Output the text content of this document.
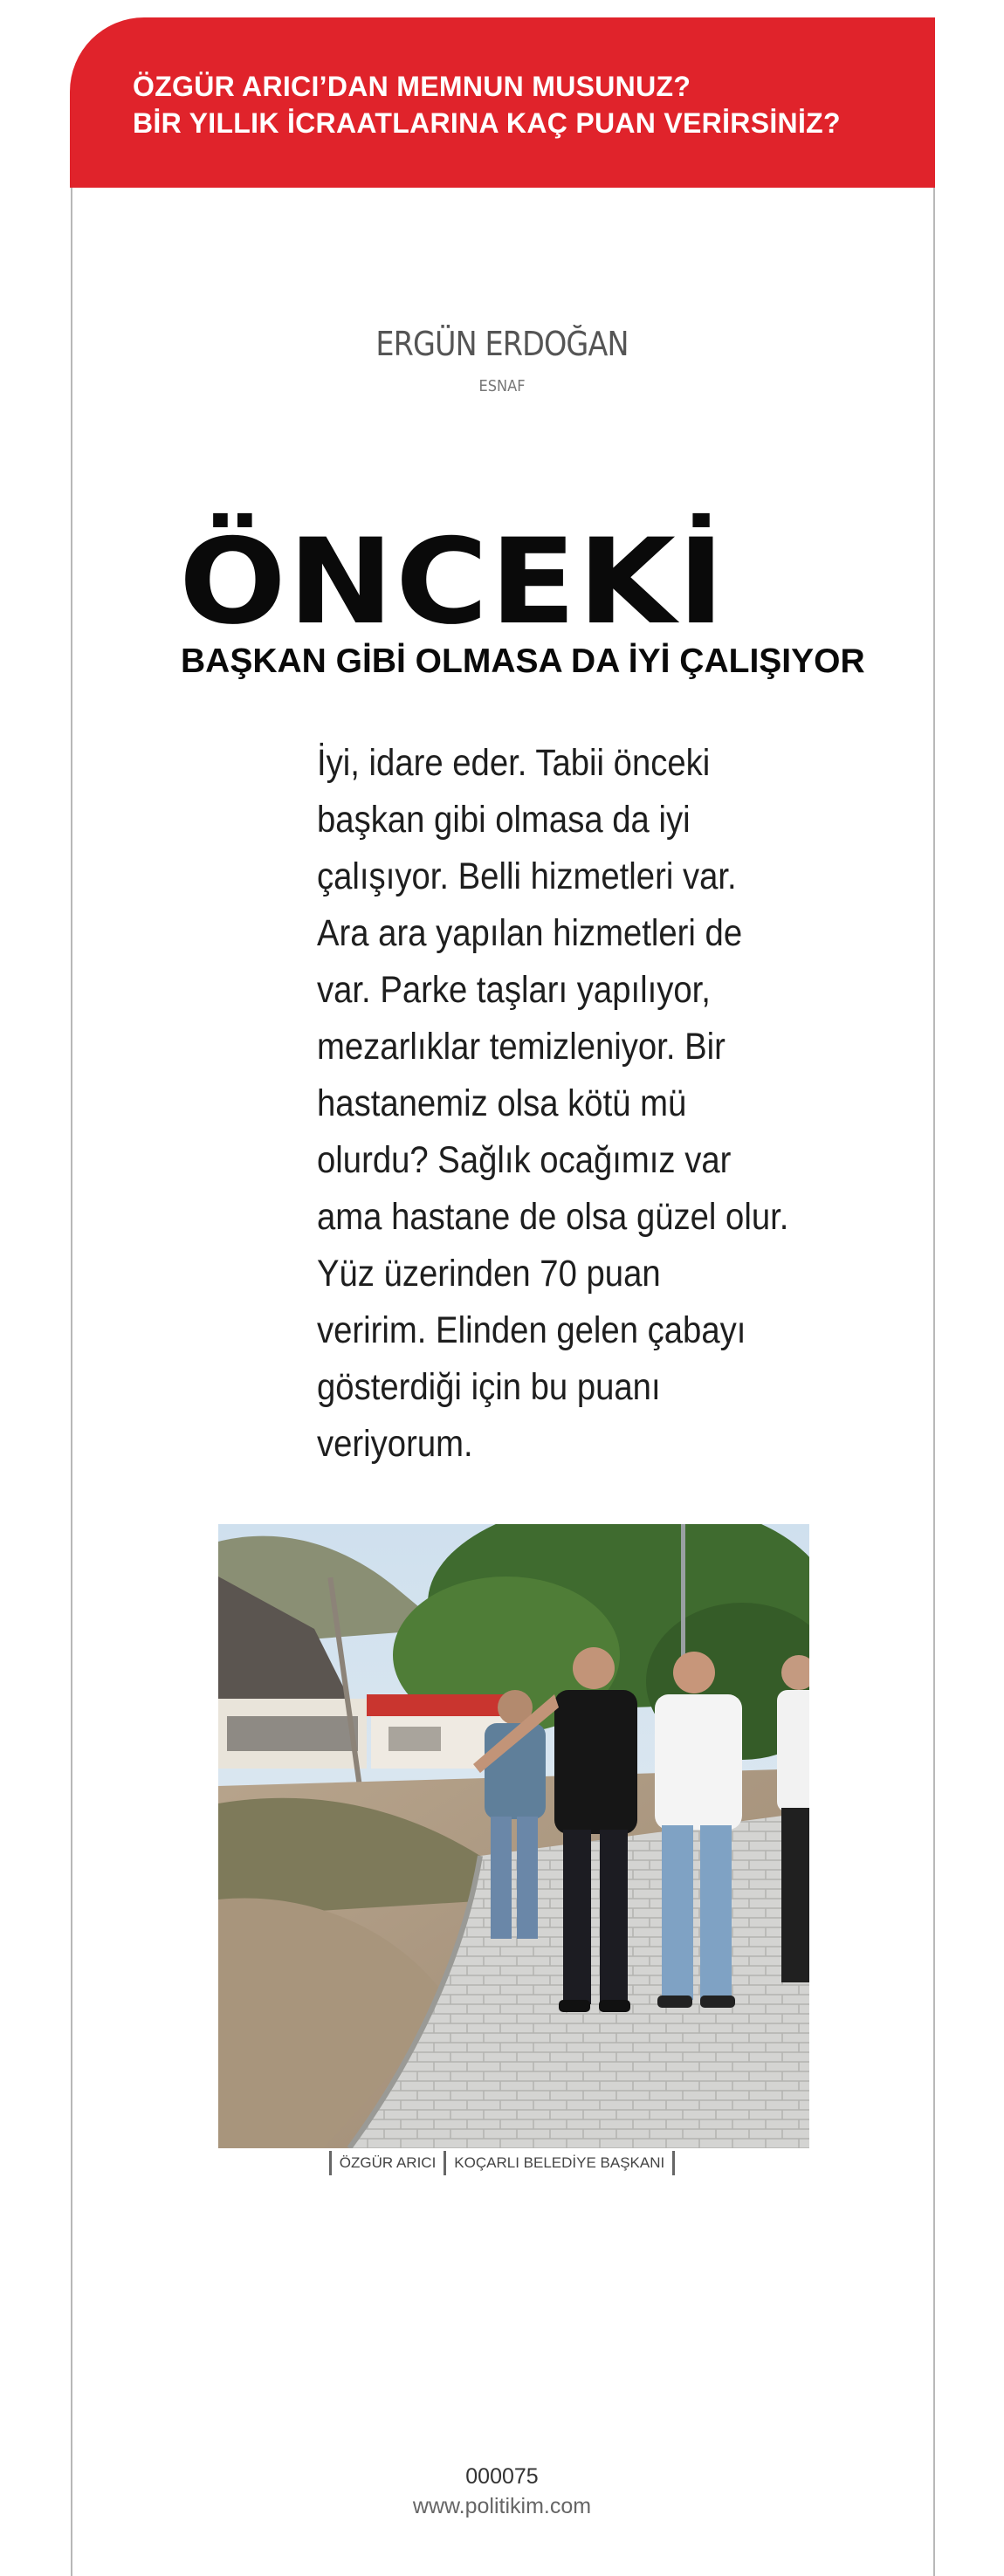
ÖZGÜR ARICI’DAN MEMNUN MUSUNUZ?
BİR YILLIK İCRAATLARINA KAÇ PUAN VERİRSİNİZ?
ERGÜN ERDOĞAN
ESNAF
ÖNCEKİ
BAŞKAN GİBİ OLMASA DA İYİ ÇALIŞIYOR
İyi, idare eder. Tabii önceki
başkan gibi olmasa da iyi
çalışıyor. Belli hizmetleri var.
Ara ara yapılan hizmetleri de
var. Parke taşları yapılıyor,
mezarlıklar temizleniyor. Bir
hastanemiz olsa kötü mü
olurdu? Sağlık ocağımız var
ama hastane de olsa güzel olur.
Yüz üzerinden 70 puan
veririm. Elinden gelen çabayı
gösterdiği için bu puanı
veriyorum.
ÖZGÜR ARICI KOÇARLI BELEDİYE BAŞKANI
000075
www.politikim.com
